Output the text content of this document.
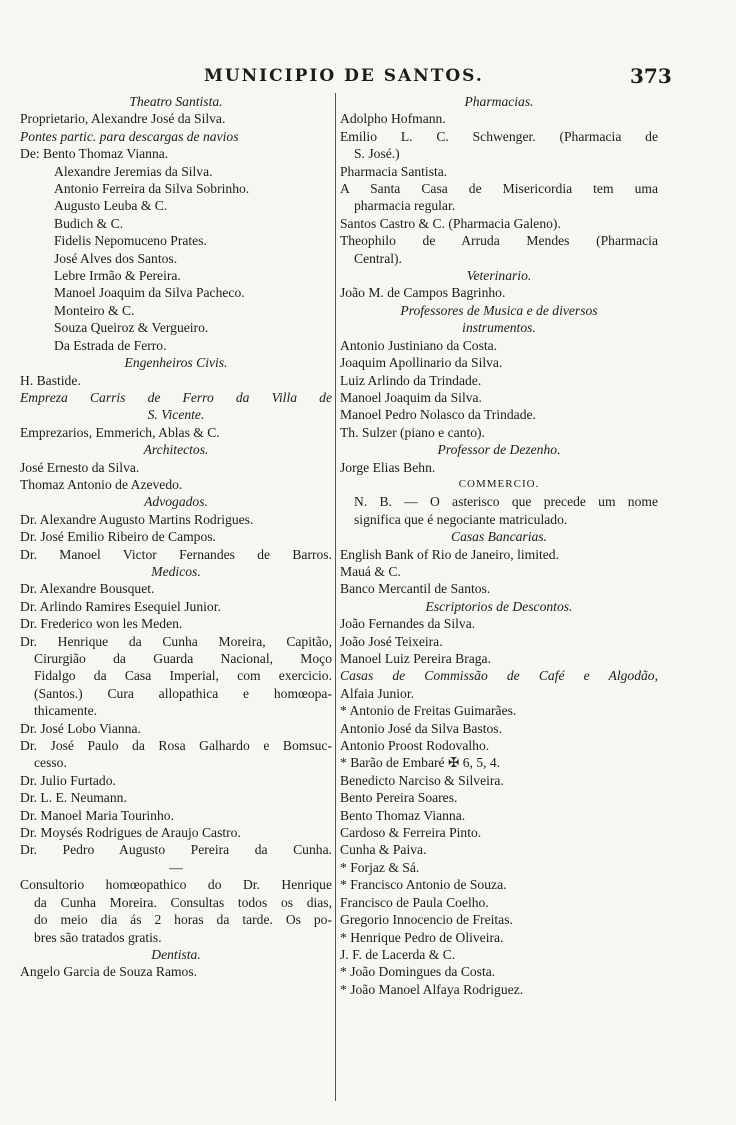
MUNICIPIO DE SANTOS.	373
Theatro Santista.
Proprietario, Alexandre José da Silva.
Pontes partic. para descargas de navios
De: Bento Thomaz Vianna.
Alexandre Jeremias da Silva.
Antonio Ferreira da Silva Sobrinho.
Augusto Leuba & C.
Budich & C.
Fidelis Nepomuceno Prates.
José Alves dos Santos.
Lebre Irmão & Pereira.
Manoel Joaquim da Silva Pacheco.
Monteiro & C.
Souza Queiroz & Vergueiro.
Da Estrada de Ferro.
Engenheiros Civis.
H. Bastide.
Empreza Carris de Ferro da Villa de
S. Vicente.
Emprezarios, Emmerich, Ablas & C.
Architectos.
José Ernesto da Silva.
Thomaz Antonio de Azevedo.
Advogados.
Dr. Alexandre Augusto Martins Rodrigues.
Dr. José Emilio Ribeiro de Campos.
Dr. Manoel Victor Fernandes de Barros.
Medicos.
Dr. Alexandre Bousquet.
Dr. Arlindo Ramires Esequiel Junior.
Dr. Frederico won les Meden.
Dr. Henrique da Cunha Moreira, Capitão,
Cirurgião da Guarda Nacional, Moço
Fidalgo da Casa Imperial, com exercicio.
(Santos.) Cura allopathica e homœopa-
thicamente.
Dr. José Lobo Vianna.
Dr. José Paulo da Rosa Galhardo e Bomsuc-
cesso.
Dr. Julio Furtado.
Dr. L. E. Neumann.
Dr. Manoel Maria Tourinho.
Dr. Moysés Rodrigues de Araujo Castro.
Dr. Pedro Augusto Pereira da Cunha.
—
Consultorio homœopathico do Dr. Henrique
da Cunha Moreira. Consultas todos os dias,
do meio dia ás 2 horas da tarde. Os po-
bres são tratados gratis.
Dentista.
Angelo Garcia de Souza Ramos.
Pharmacias.
Adolpho Hofmann.
Emilio L. C. Schwenger. (Pharmacia de
S. José.)
Pharmacia Santista.
A Santa Casa de Misericordia tem uma
pharmacia regular.
Santos Castro & C. (Pharmacia Galeno).
Theophilo de Arruda Mendes (Pharmacia
Central).
Veterinario.
João M. de Campos Bagrinho.
Professores de Musica e de diversos
instrumentos.
Antonio Justiniano da Costa.
Joaquim Apollinario da Silva.
Luiz Arlindo da Trindade.
Manoel Joaquim da Silva.
Manoel Pedro Nolasco da Trindade.
Th. Sulzer (piano e canto).
Professor de Dezenho.
Jorge Elias Behn.
COMMERCIO.
N. B. — O asterisco que precede um nome
significa que é negociante matriculado.
Casas Bancarias.
English Bank of Rio de Janeiro, limited.
Mauá & C.
Banco Mercantil de Santos.
Escriptorios de Descontos.
João Fernandes da Silva.
João José Teixeira.
Manoel Luiz Pereira Braga.
Casas de Commissão de Café e Algodão,
Alfaia Junior.
* Antonio de Freitas Guimarães.
Antonio José da Silva Bastos.
Antonio Proost Rodovalho.
* Barão de Embaré ✠ 6, 5, 4.
Benedicto Narciso & Silveira.
Bento Pereira Soares.
Bento Thomaz Vianna.
Cardoso & Ferreira Pinto.
Cunha & Paiva.
* Forjaz & Sá.
* Francisco Antonio de Souza.
Francisco de Paula Coelho.
Gregorio Innocencio de Freitas.
* Henrique Pedro de Oliveira.
J. F. de Lacerda & C.
* João Domingues da Costa.
* João Manoel Alfaya Rodriguez.
